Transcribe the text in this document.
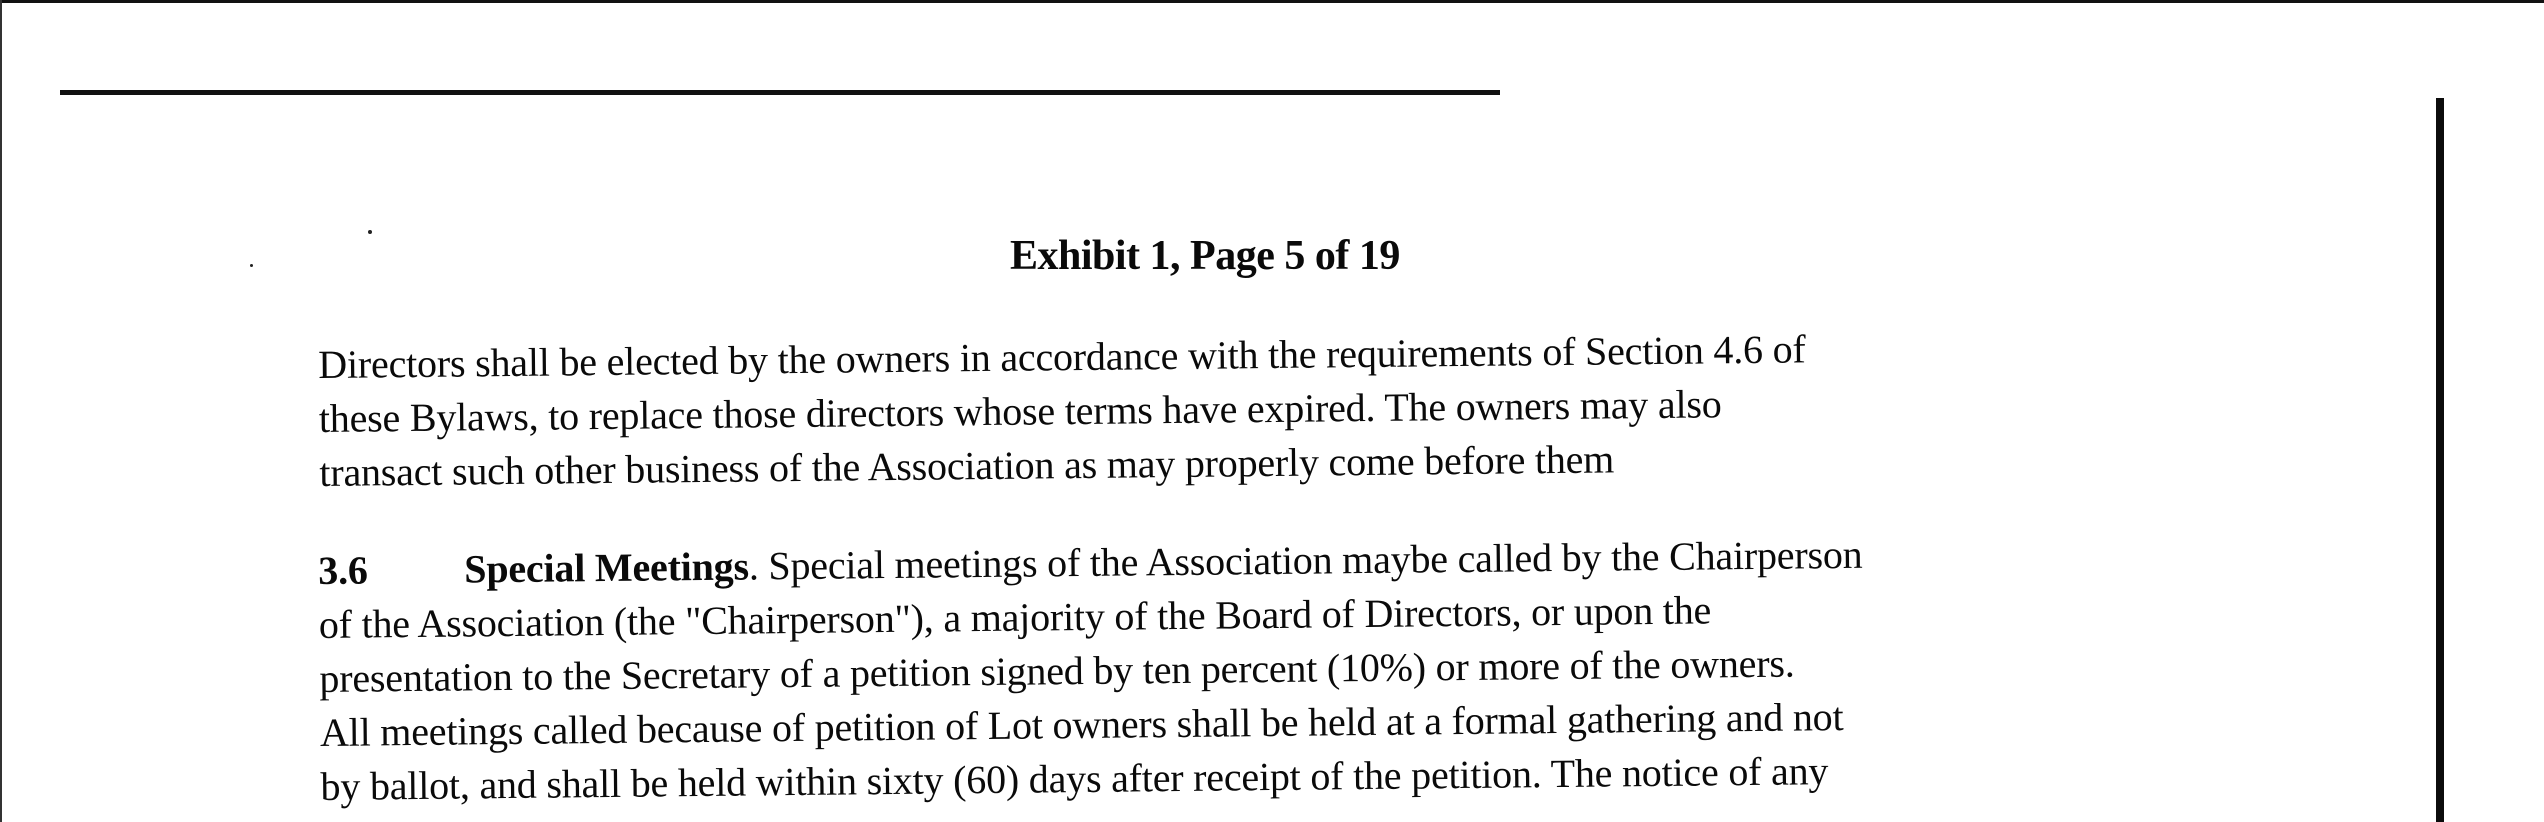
Exhibit 1, Page 5 of 19
Directors shall be elected by the owners in accordance with the requirements of Section 4.6 of
these Bylaws, to replace those directors whose terms have expired. The owners may also
transact such other business of the Association as may properly come before them
3.6 Special Meetings. Special meetings of the Association maybe called by the Chairperson
of the Association (the "Chairperson"), a majority of the Board of Directors, or upon the
presentation to the Secretary of a petition signed by ten percent (10%) or more of the owners.
All meetings called because of petition of Lot owners shall be held at a formal gathering and not
by ballot, and shall be held within sixty (60) days after receipt of the petition. The notice of any
